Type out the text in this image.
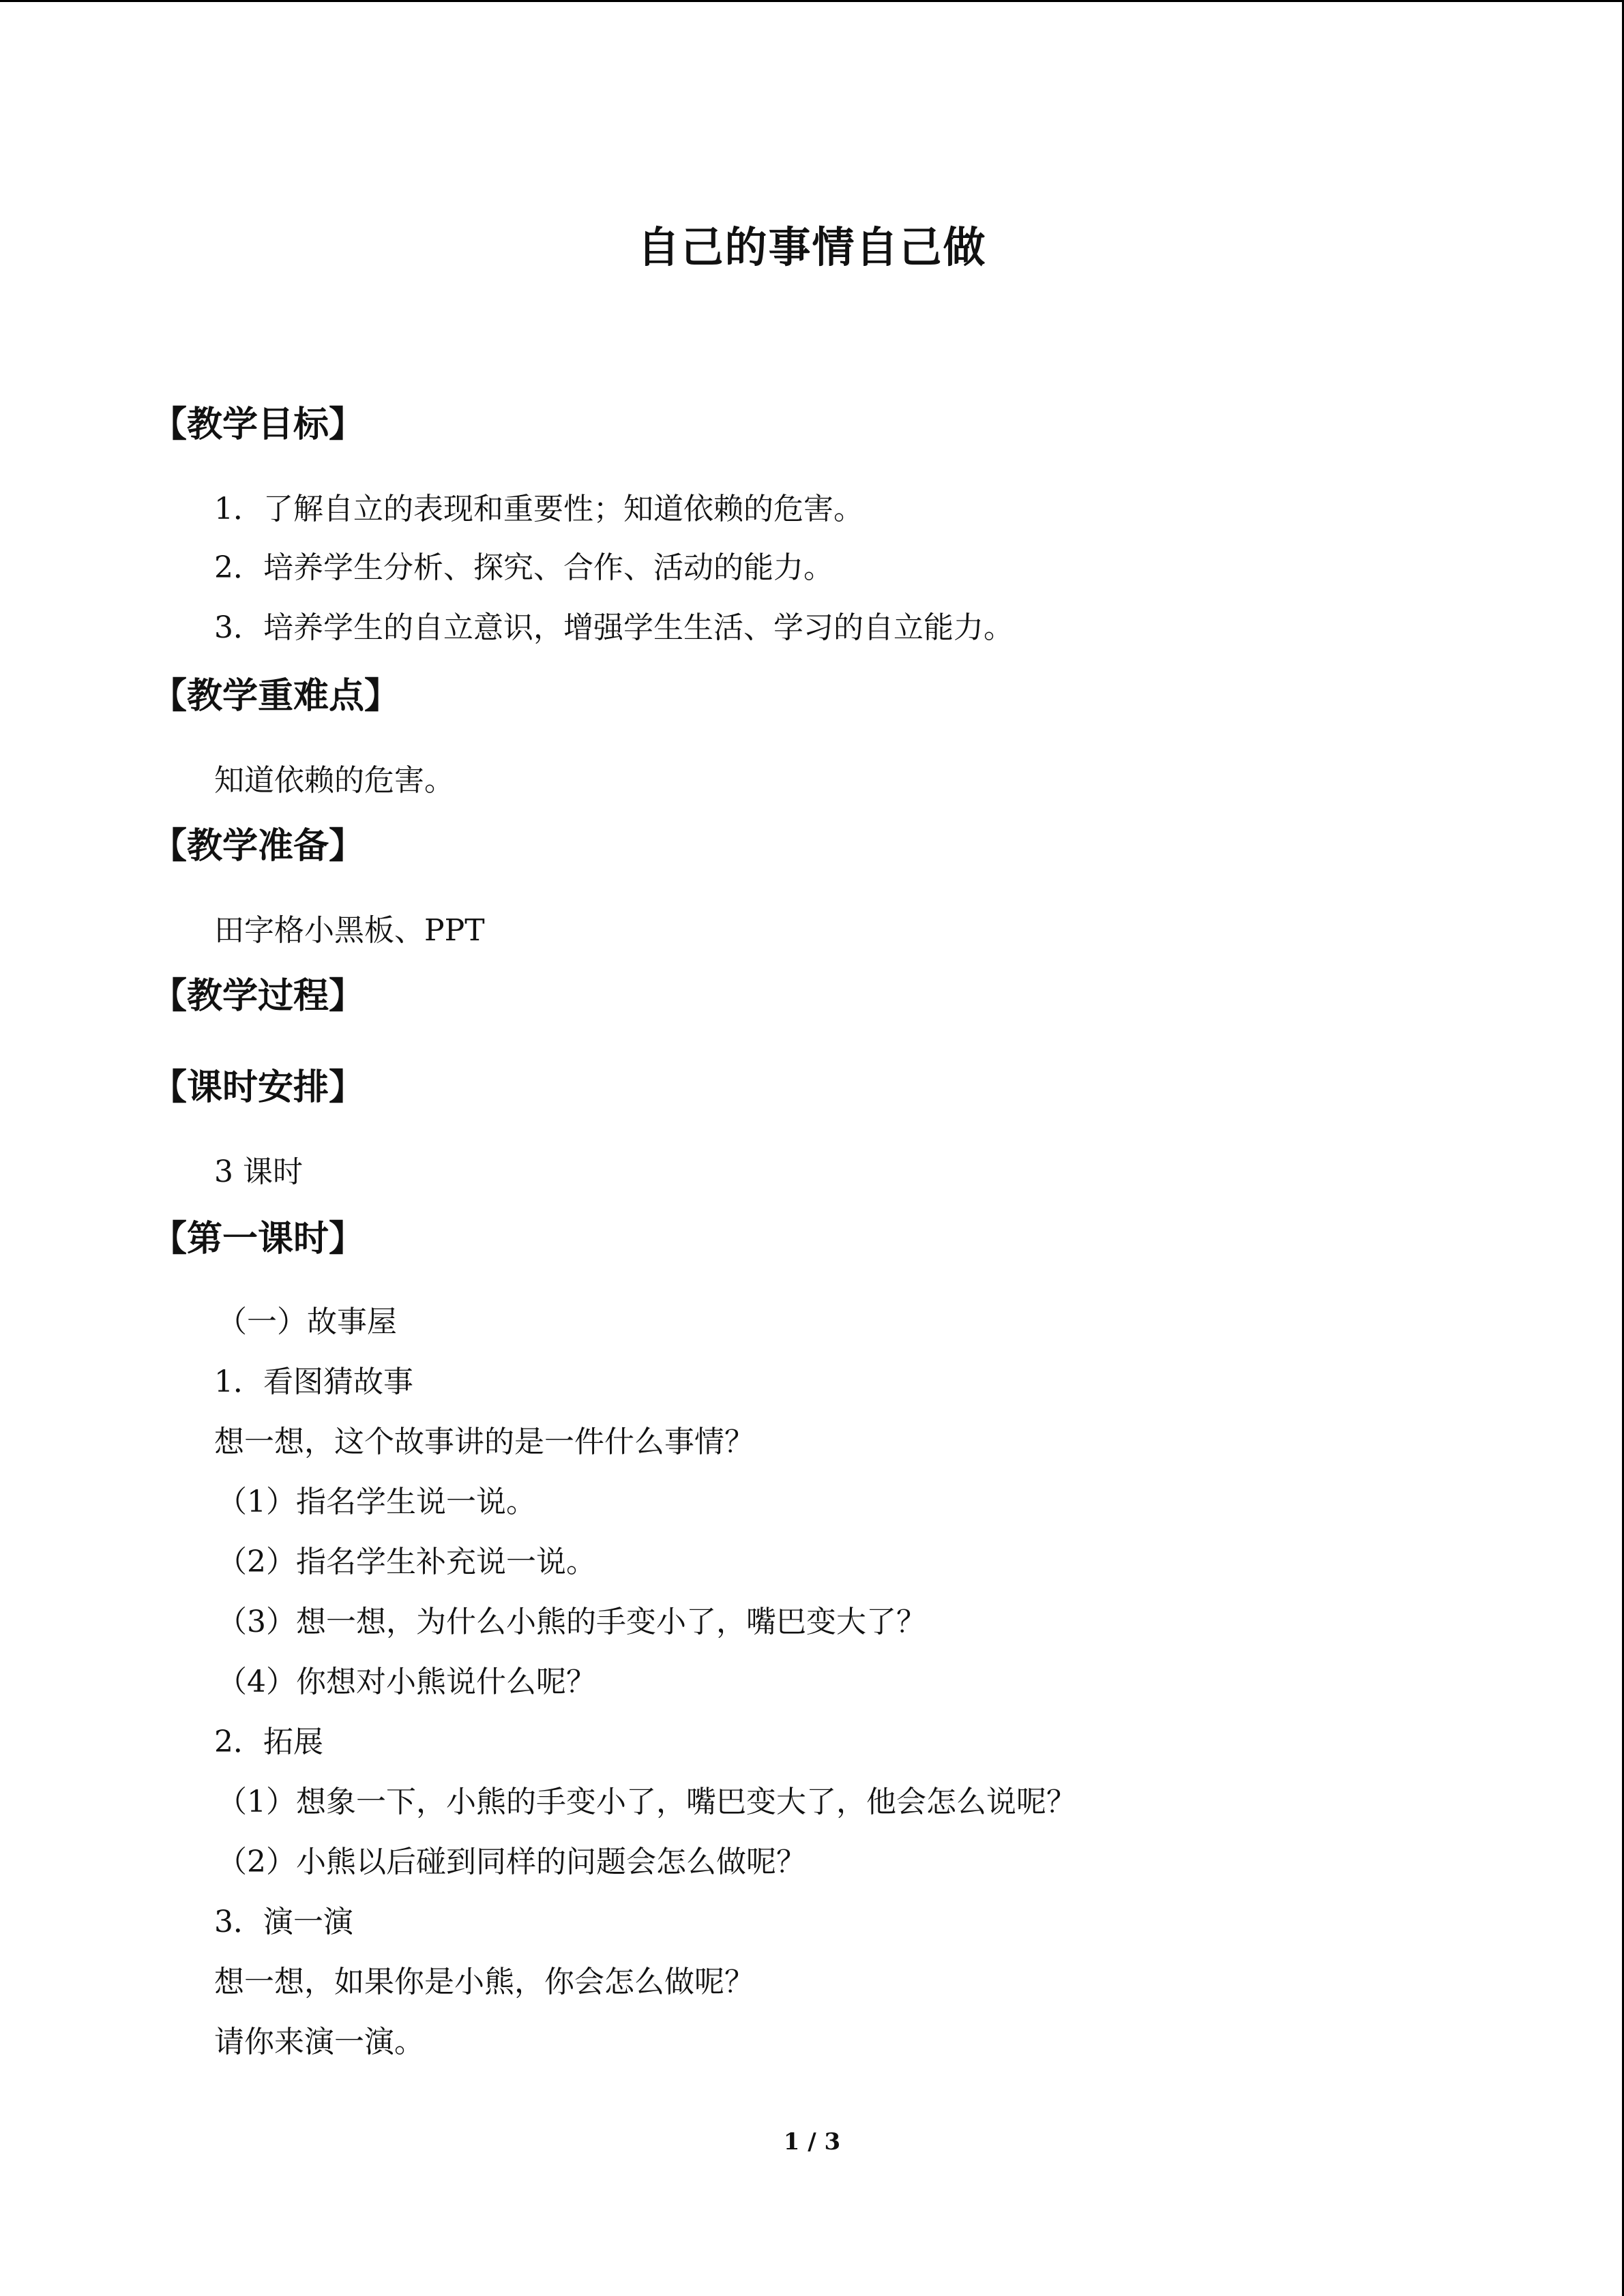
自己的事情自己做
【教学目标】
1．了解自立的表现和重要性；知道依赖的危害。
2．培养学生分析、探究、合作、活动的能力。
3．培养学生的自立意识，增强学生生活、学习的自立能力。
【教学重难点】
知道依赖的危害。
【教学准备】
田字格小黑板、PPT
【教学过程】
【课时安排】
3 课时
【第一课时】
（一）故事屋
1．看图猜故事
想一想，这个故事讲的是一件什么事情？
（1）指名学生说一说。
（2）指名学生补充说一说。
（3）想一想，为什么小熊的手变小了，嘴巴变大了？
（4）你想对小熊说什么呢？
2．拓展
（1）想象一下，小熊的手变小了，嘴巴变大了，他会怎么说呢？
（2）小熊以后碰到同样的问题会怎么做呢？
3．演一演
想一想，如果你是小熊，你会怎么做呢？
请你来演一演。
1 / 3
